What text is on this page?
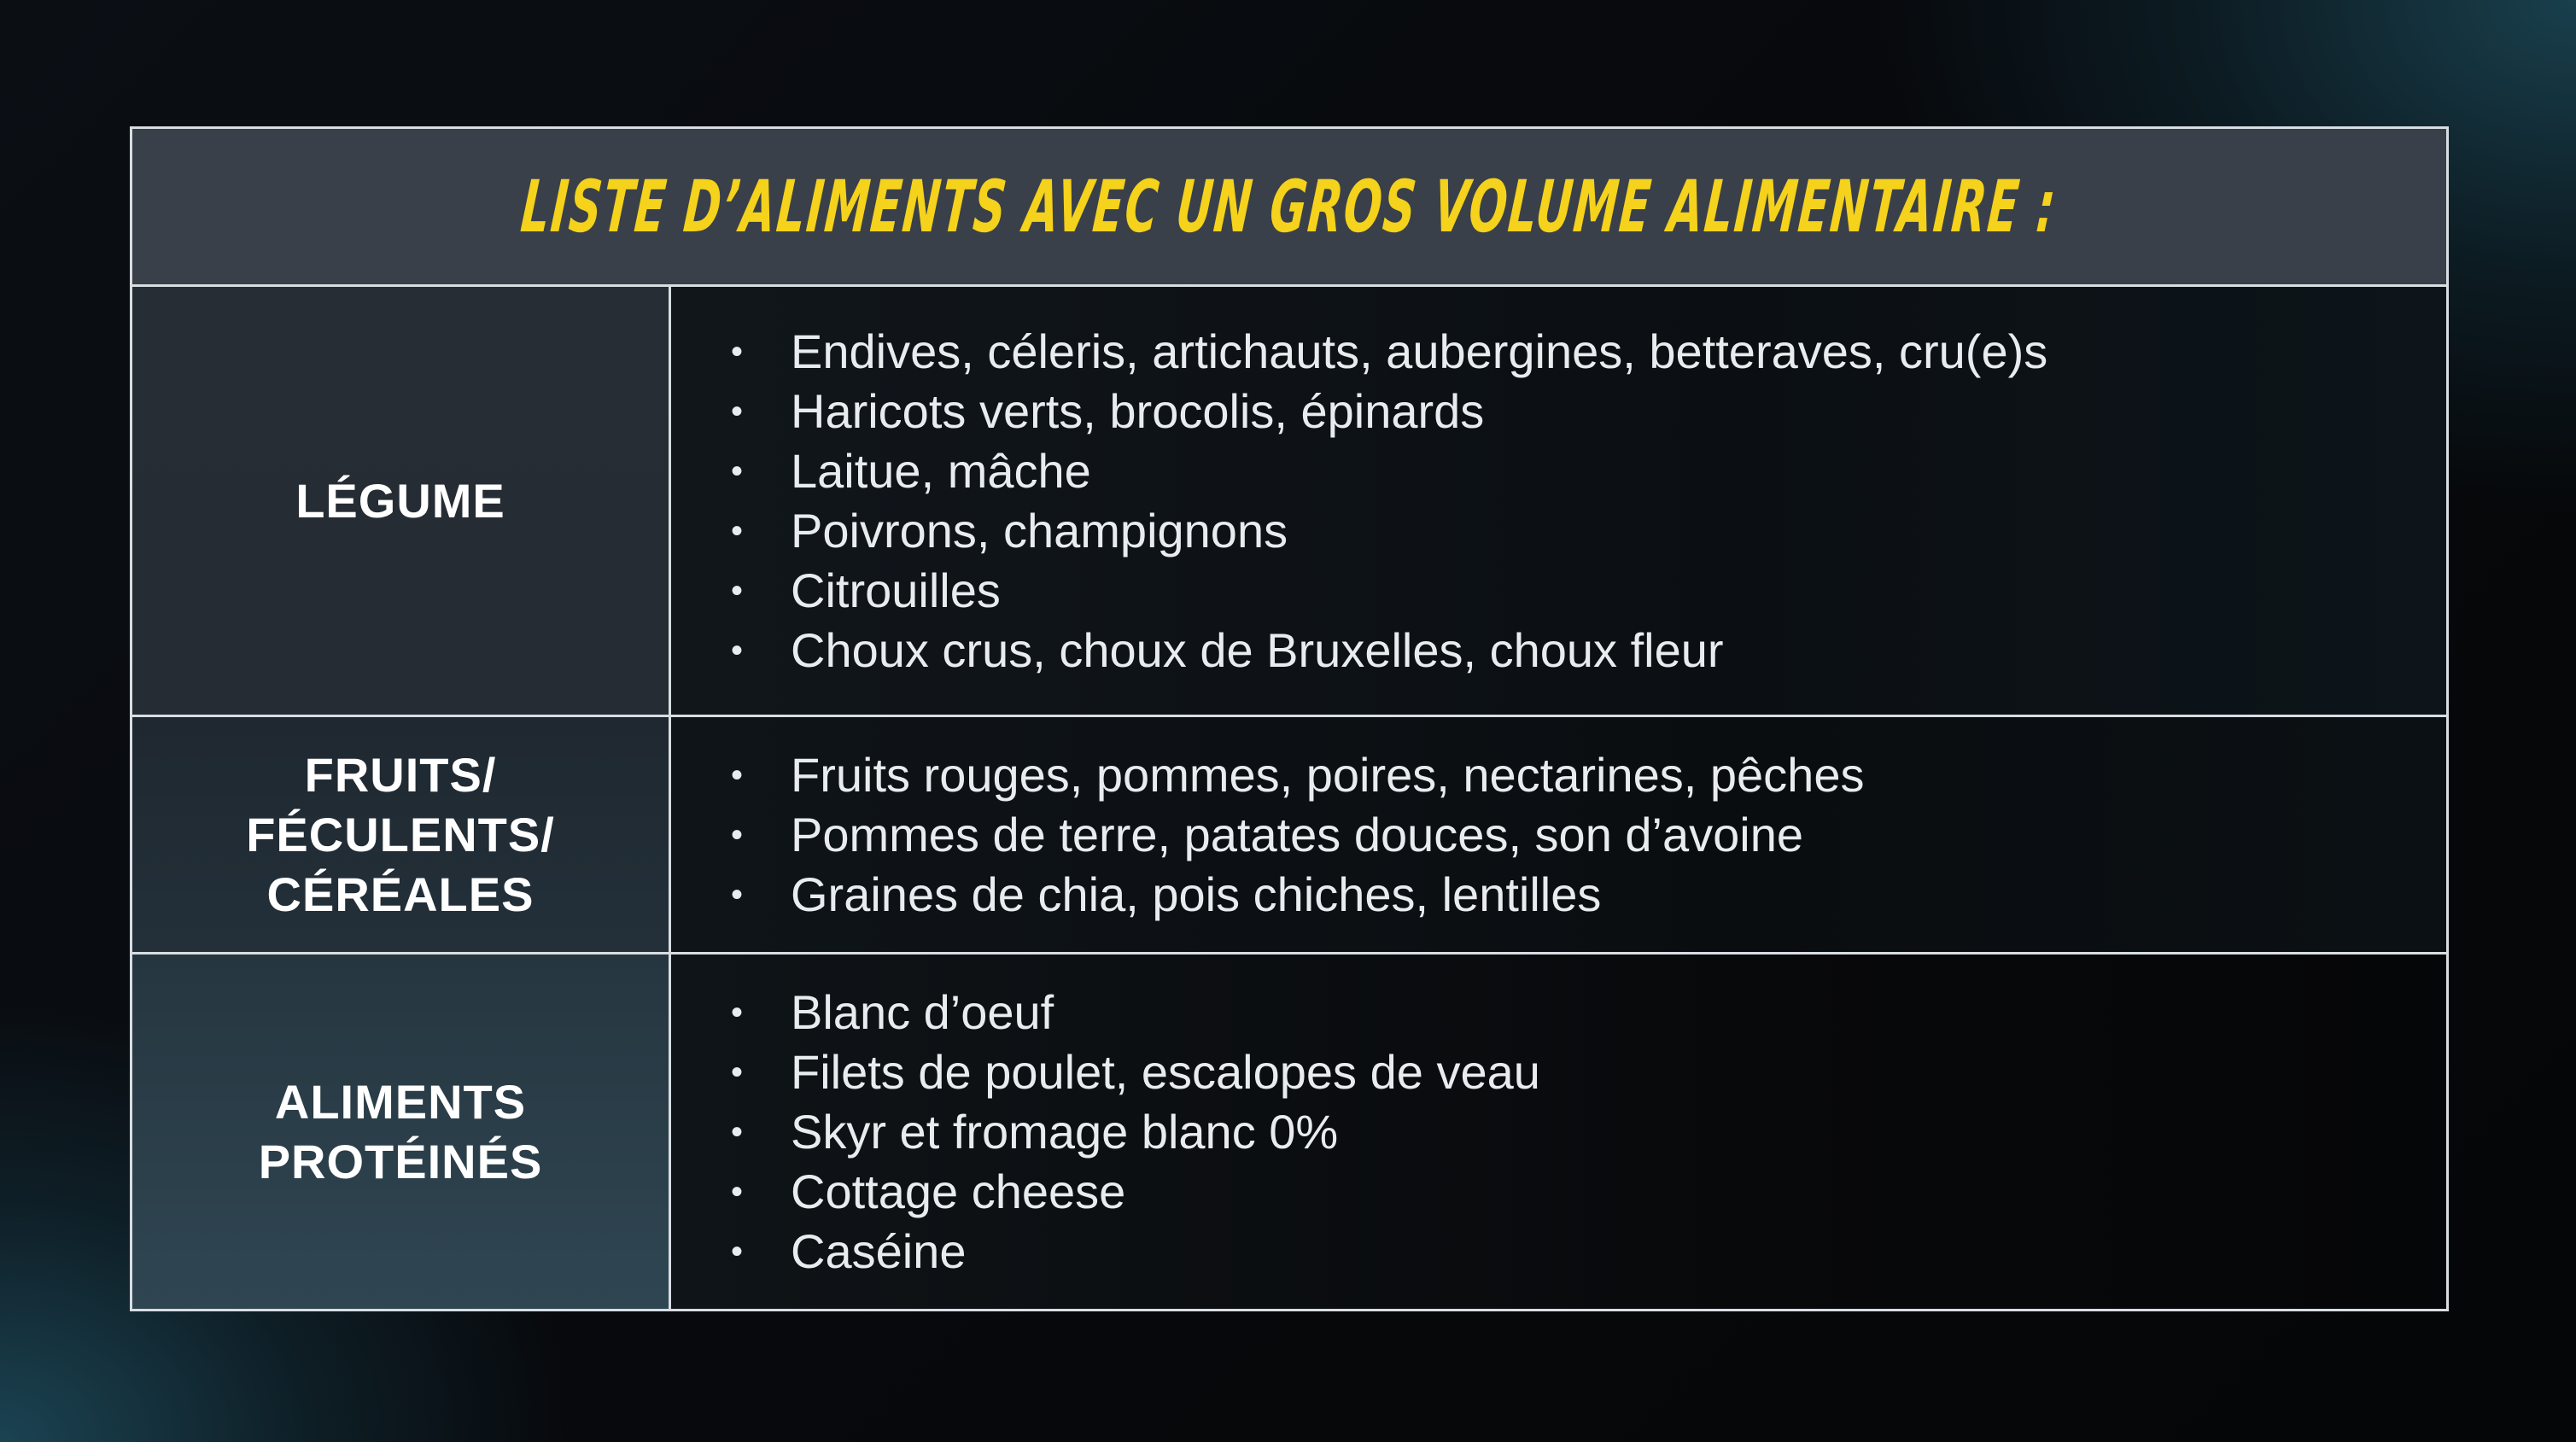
LISTE D’ALIMENTS AVEC UN GROS VOLUME ALIMENTAIRE :
LÉGUME
• Endives, céleris, artichauts, aubergines, betteraves, cru(e)s
• Haricots verts, brocolis, épinards
• Laitue, mâche
• Poivrons, champignons
• Citrouilles
• Choux crus, choux de Bruxelles, choux fleur
FRUITS/
FÉCULENTS/
CÉRÉALES
• Fruits rouges, pommes, poires, nectarines, pêches
• Pommes de terre, patates douces, son d’avoine
• Graines de chia, pois chiches, lentilles
ALIMENTS
PROTÉINÉS
• Blanc d’oeuf
• Filets de poulet, escalopes de veau
• Skyr et fromage blanc 0%
• Cottage cheese
• Caséine
